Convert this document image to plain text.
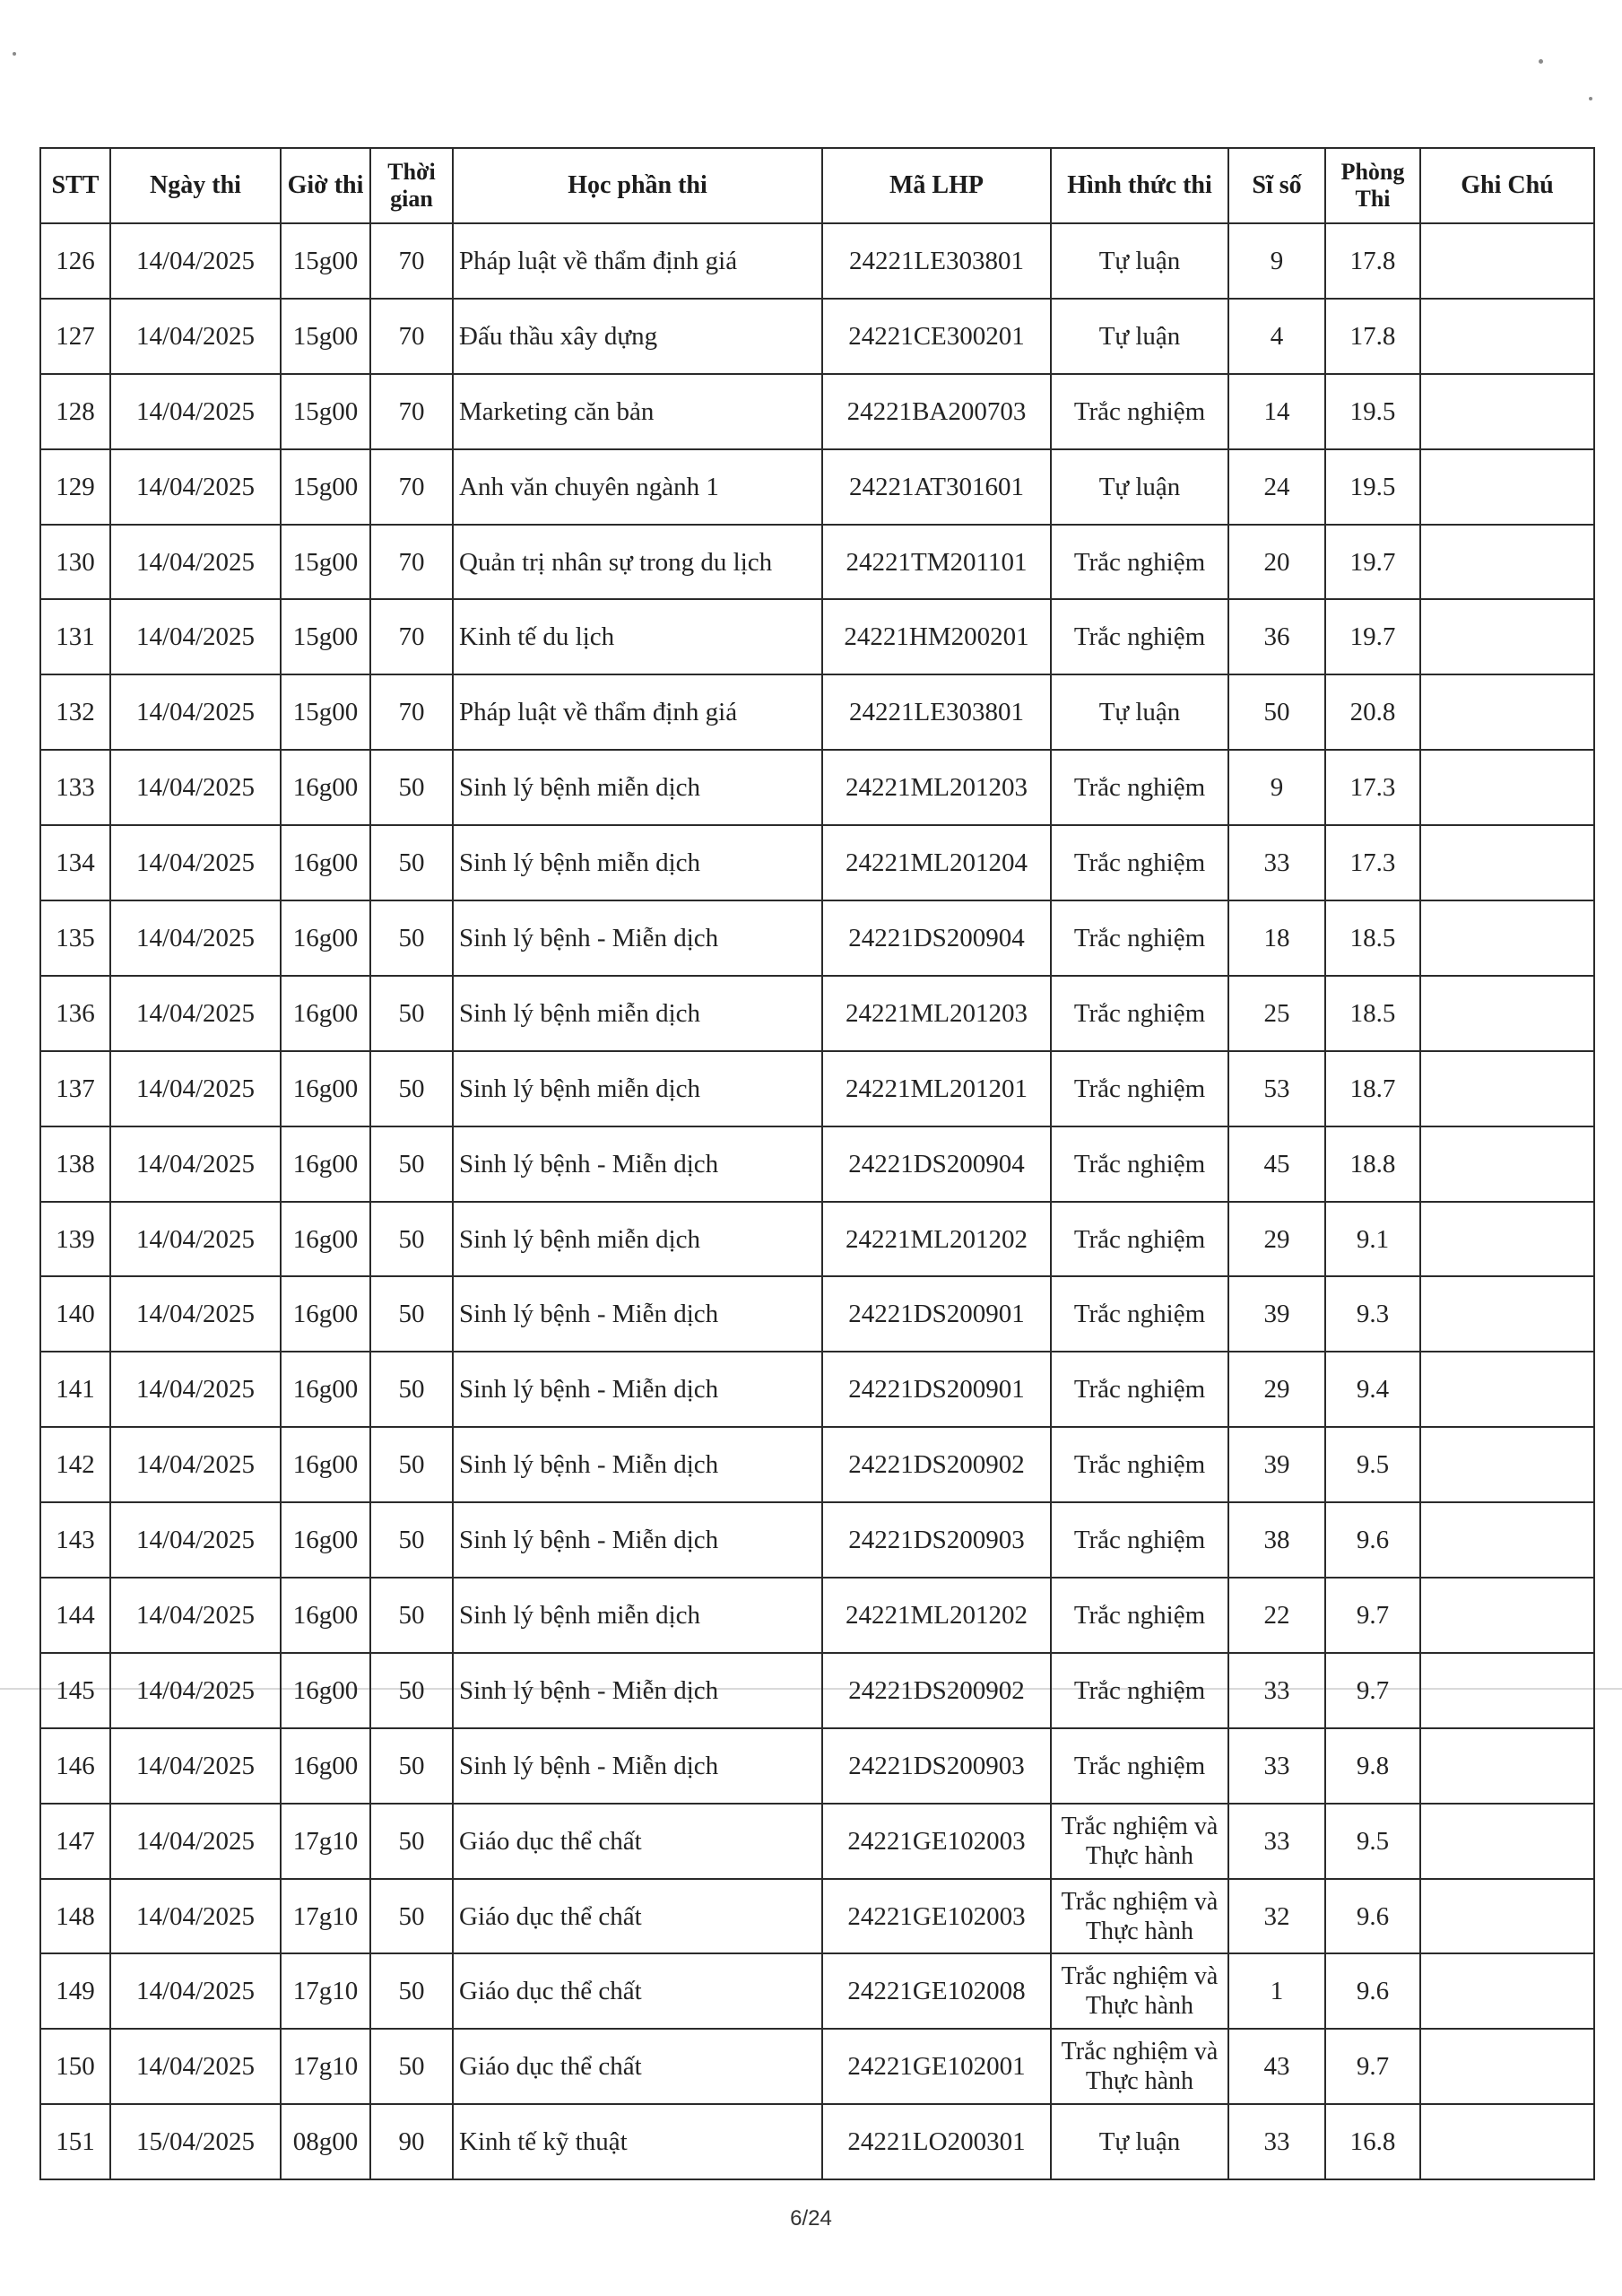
STT	Ngày thi	Giờ thi	Thời gian	Học phần thi	Mã LHP	Hình thức thi	Sĩ số	Phòng Thi	Ghi Chú
126	14/04/2025	15g00	70	Pháp luật về thẩm định giá	24221LE303801	Tự luận	9	17.8	
127	14/04/2025	15g00	70	Đấu thầu xây dựng	24221CE300201	Tự luận	4	17.8	
128	14/04/2025	15g00	70	Marketing căn bản	24221BA200703	Trắc nghiệm	14	19.5	
129	14/04/2025	15g00	70	Anh văn chuyên ngành 1	24221AT301601	Tự luận	24	19.5	
130	14/04/2025	15g00	70	Quản trị nhân sự trong du lịch	24221TM201101	Trắc nghiệm	20	19.7	
131	14/04/2025	15g00	70	Kinh tế du lịch	24221HM200201	Trắc nghiệm	36	19.7	
132	14/04/2025	15g00	70	Pháp luật về thẩm định giá	24221LE303801	Tự luận	50	20.8	
133	14/04/2025	16g00	50	Sinh lý bệnh miễn dịch	24221ML201203	Trắc nghiệm	9	17.3	
134	14/04/2025	16g00	50	Sinh lý bệnh miễn dịch	24221ML201204	Trắc nghiệm	33	17.3	
135	14/04/2025	16g00	50	Sinh lý bệnh - Miễn dịch	24221DS200904	Trắc nghiệm	18	18.5	
136	14/04/2025	16g00	50	Sinh lý bệnh miễn dịch	24221ML201203	Trắc nghiệm	25	18.5	
137	14/04/2025	16g00	50	Sinh lý bệnh miễn dịch	24221ML201201	Trắc nghiệm	53	18.7	
138	14/04/2025	16g00	50	Sinh lý bệnh - Miễn dịch	24221DS200904	Trắc nghiệm	45	18.8	
139	14/04/2025	16g00	50	Sinh lý bệnh miễn dịch	24221ML201202	Trắc nghiệm	29	9.1	
140	14/04/2025	16g00	50	Sinh lý bệnh - Miễn dịch	24221DS200901	Trắc nghiệm	39	9.3	
141	14/04/2025	16g00	50	Sinh lý bệnh - Miễn dịch	24221DS200901	Trắc nghiệm	29	9.4	
142	14/04/2025	16g00	50	Sinh lý bệnh - Miễn dịch	24221DS200902	Trắc nghiệm	39	9.5	
143	14/04/2025	16g00	50	Sinh lý bệnh - Miễn dịch	24221DS200903	Trắc nghiệm	38	9.6	
144	14/04/2025	16g00	50	Sinh lý bệnh miễn dịch	24221ML201202	Trắc nghiệm	22	9.7	
145	14/04/2025	16g00	50	Sinh lý bệnh - Miễn dịch	24221DS200902	Trắc nghiệm	33	9.7	
146	14/04/2025	16g00	50	Sinh lý bệnh - Miễn dịch	24221DS200903	Trắc nghiệm	33	9.8	
147	14/04/2025	17g10	50	Giáo dục thể chất	24221GE102003	Trắc nghiệm và Thực hành	33	9.5	
148	14/04/2025	17g10	50	Giáo dục thể chất	24221GE102003	Trắc nghiệm và Thực hành	32	9.6	
149	14/04/2025	17g10	50	Giáo dục thể chất	24221GE102008	Trắc nghiệm và Thực hành	1	9.6	
150	14/04/2025	17g10	50	Giáo dục thể chất	24221GE102001	Trắc nghiệm và Thực hành	43	9.7	
151	15/04/2025	08g00	90	Kinh tế kỹ thuật	24221LO200301	Tự luận	33	16.8	
6/24
